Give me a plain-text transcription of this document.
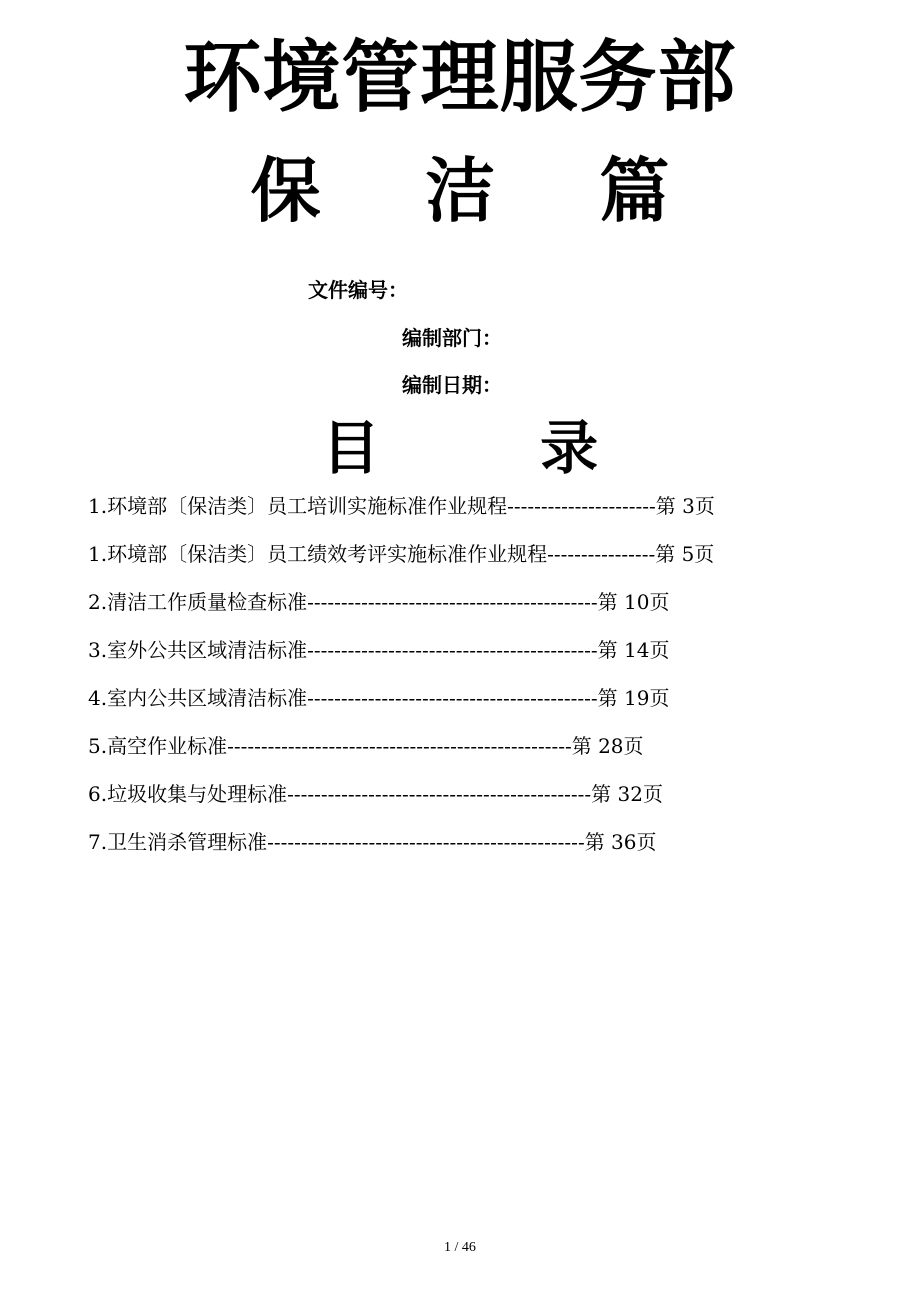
环境管理服务部
保 洁 篇
文件编号：
编制部门：
编制日期：
目 录
1.环境部〔保洁类〕员工培训实施标准作业规程----------------------第 3页
1.环境部〔保洁类〕员工绩效考评实施标准作业规程----------------第 5页
2.清洁工作质量检查标准-------------------------------------------第 10页
3.室外公共区域清洁标准-------------------------------------------第 14页
4.室内公共区域清洁标准-------------------------------------------第 19页
5.高空作业标准---------------------------------------------------第 28页
6.垃圾收集与处理标准---------------------------------------------第 32页
7.卫生消杀管理标准-----------------------------------------------第 36页
1 / 46
